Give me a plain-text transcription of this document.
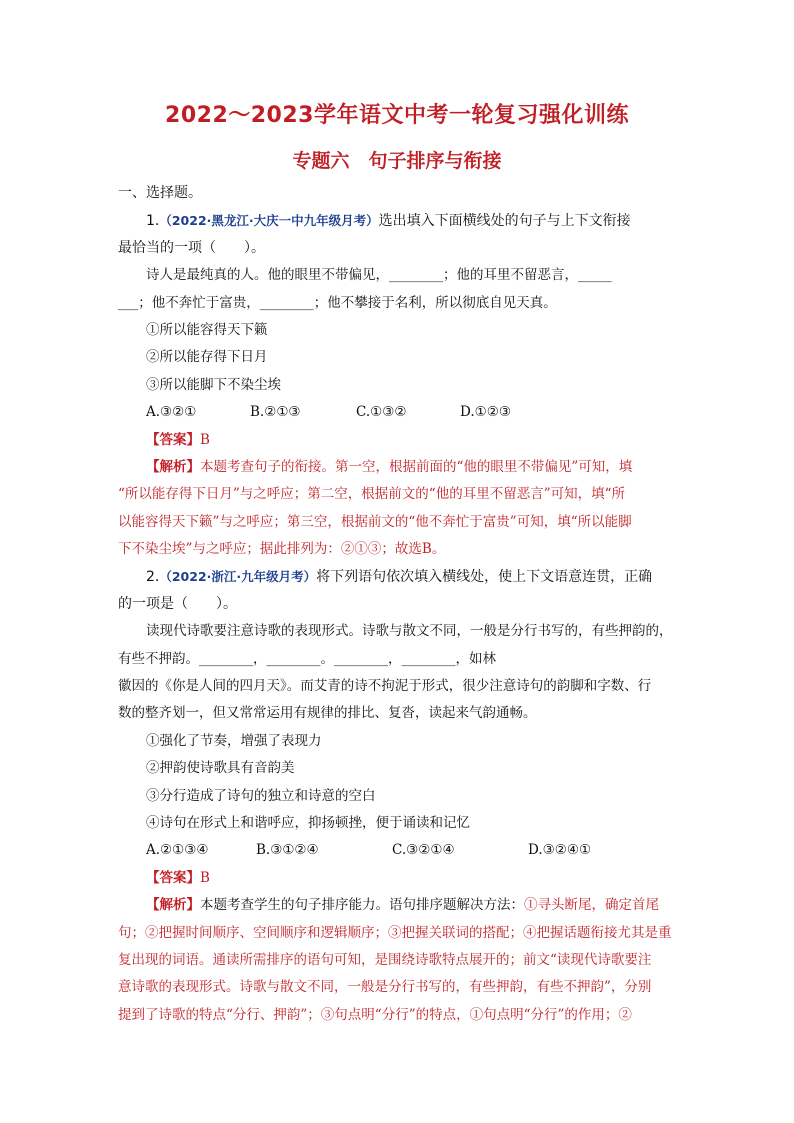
2022～2023学年语文中考一轮复习强化训练
专题六　句子排序与衔接
一、选择题。
1.（2022·黑龙江·大庆一中九年级月考）选出填入下面横线处的句子与上下文衔接
最恰当的一项（　　）。
诗人是最纯真的人。他的眼里不带偏见，________；他的耳里不留恶言，_____
___；他不奔忙于富贵，________；他不攀接于名利，所以彻底自见天真。
①所以能容得天下籁
②所以能存得下日月
③所以能脚下不染尘埃
A.③②①	B.②①③	C.①③②	D.①②③
【答案】B
【解析】本题考查句子的衔接。第一空，根据前面的“他的眼里不带偏见”可知，填
“所以能存得下日月”与之呼应；第二空，根据前文的“他的耳里不留恶言”可知，填“所
以能容得天下籁”与之呼应；第三空，根据前文的“他不奔忙于富贵”可知，填“所以能脚
下不染尘埃”与之呼应；据此排列为：②①③；故选B。
2.（2022·浙江·九年级月考）将下列语句依次填入横线处，使上下文语意连贯，正确
的一项是（　　）。
读现代诗歌要注意诗歌的表现形式。诗歌与散文不同，一般是分行书写的，有些押韵的，
有些不押韵。________，________。________，________，如林
徽因的《你是人间的四月天》。而艾青的诗不拘泥于形式，很少注意诗句的韵脚和字数、行
数的整齐划一，但又常常运用有规律的排比、复沓，读起来气韵通畅。
①强化了节奏，增强了表现力
②押韵使诗歌具有音韵美
③分行造成了诗句的独立和诗意的空白
④诗句在形式上和谐呼应，抑扬顿挫，便于诵读和记忆
A.②①③④	B.③①②④	C.③②①④	D.③②④①
【答案】B
【解析】本题考查学生的句子排序能力。语句排序题解决方法：①寻头断尾，确定首尾
句；②把握时间顺序、空间顺序和逻辑顺序；③把握关联词的搭配；④把握话题衔接尤其是重
复出现的词语。通读所需排序的语句可知，是围绕诗歌特点展开的；前文“读现代诗歌要注
意诗歌的表现形式。诗歌与散文不同，一般是分行书写的，有些押韵，有些不押韵”，分别
提到了诗歌的特点“分行、押韵”；③句点明“分行”的特点，①句点明“分行”的作用；②
